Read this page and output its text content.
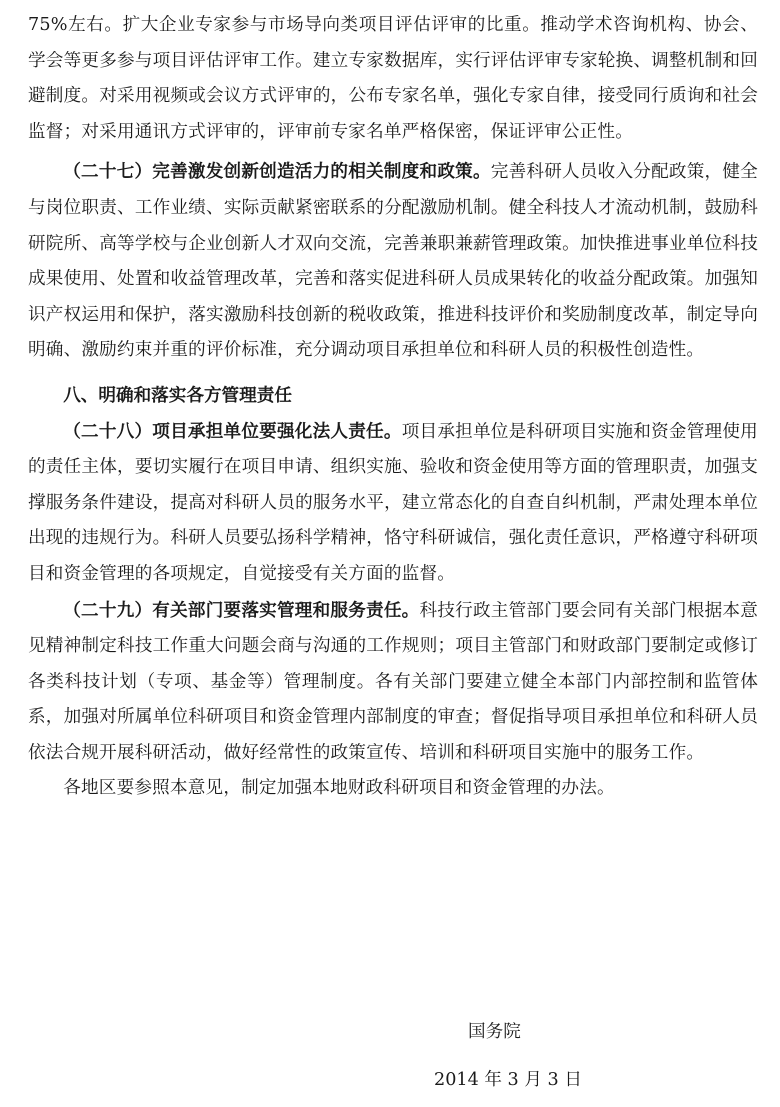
75%左右。扩大企业专家参与市场导向类项目评估评审的比重。推动学术咨询机构、协会、学会等更多参与项目评估评审工作。建立专家数据库，实行评估评审专家轮换、调整机制和回避制度。对采用视频或会议方式评审的，公布专家名单，强化专家自律，接受同行质询和社会监督；对采用通讯方式评审的，评审前专家名单严格保密，保证评审公正性。

（二十七）完善激发创新创造活力的相关制度和政策。完善科研人员收入分配政策，健全与岗位职责、工作业绩、实际贡献紧密联系的分配激励机制。健全科技人才流动机制，鼓励科研院所、高等学校与企业创新人才双向交流，完善兼职兼薪管理政策。加快推进事业单位科技成果使用、处置和收益管理改革，完善和落实促进科研人员成果转化的收益分配政策。加强知识产权运用和保护，落实激励科技创新的税收政策，推进科技评价和奖励制度改革，制定导向明确、激励约束并重的评价标准，充分调动项目承担单位和科研人员的积极性创造性。

八、明确和落实各方管理责任

（二十八）项目承担单位要强化法人责任。项目承担单位是科研项目实施和资金管理使用的责任主体，要切实履行在项目申请、组织实施、验收和资金使用等方面的管理职责，加强支撑服务条件建设，提高对科研人员的服务水平，建立常态化的自查自纠机制，严肃处理本单位出现的违规行为。科研人员要弘扬科学精神，恪守科研诚信，强化责任意识，严格遵守科研项目和资金管理的各项规定，自觉接受有关方面的监督。

（二十九）有关部门要落实管理和服务责任。科技行政主管部门要会同有关部门根据本意见精神制定科技工作重大问题会商与沟通的工作规则；项目主管部门和财政部门要制定或修订各类科技计划（专项、基金等）管理制度。各有关部门要建立健全本部门内部控制和监管体系，加强对所属单位科研项目和资金管理内部制度的审查；督促指导项目承担单位和科研人员依法合规开展科研活动，做好经常性的政策宣传、培训和科研项目实施中的服务工作。

各地区要参照本意见，制定加强本地财政科研项目和资金管理的办法。

国务院
2014 年 3 月 3 日
